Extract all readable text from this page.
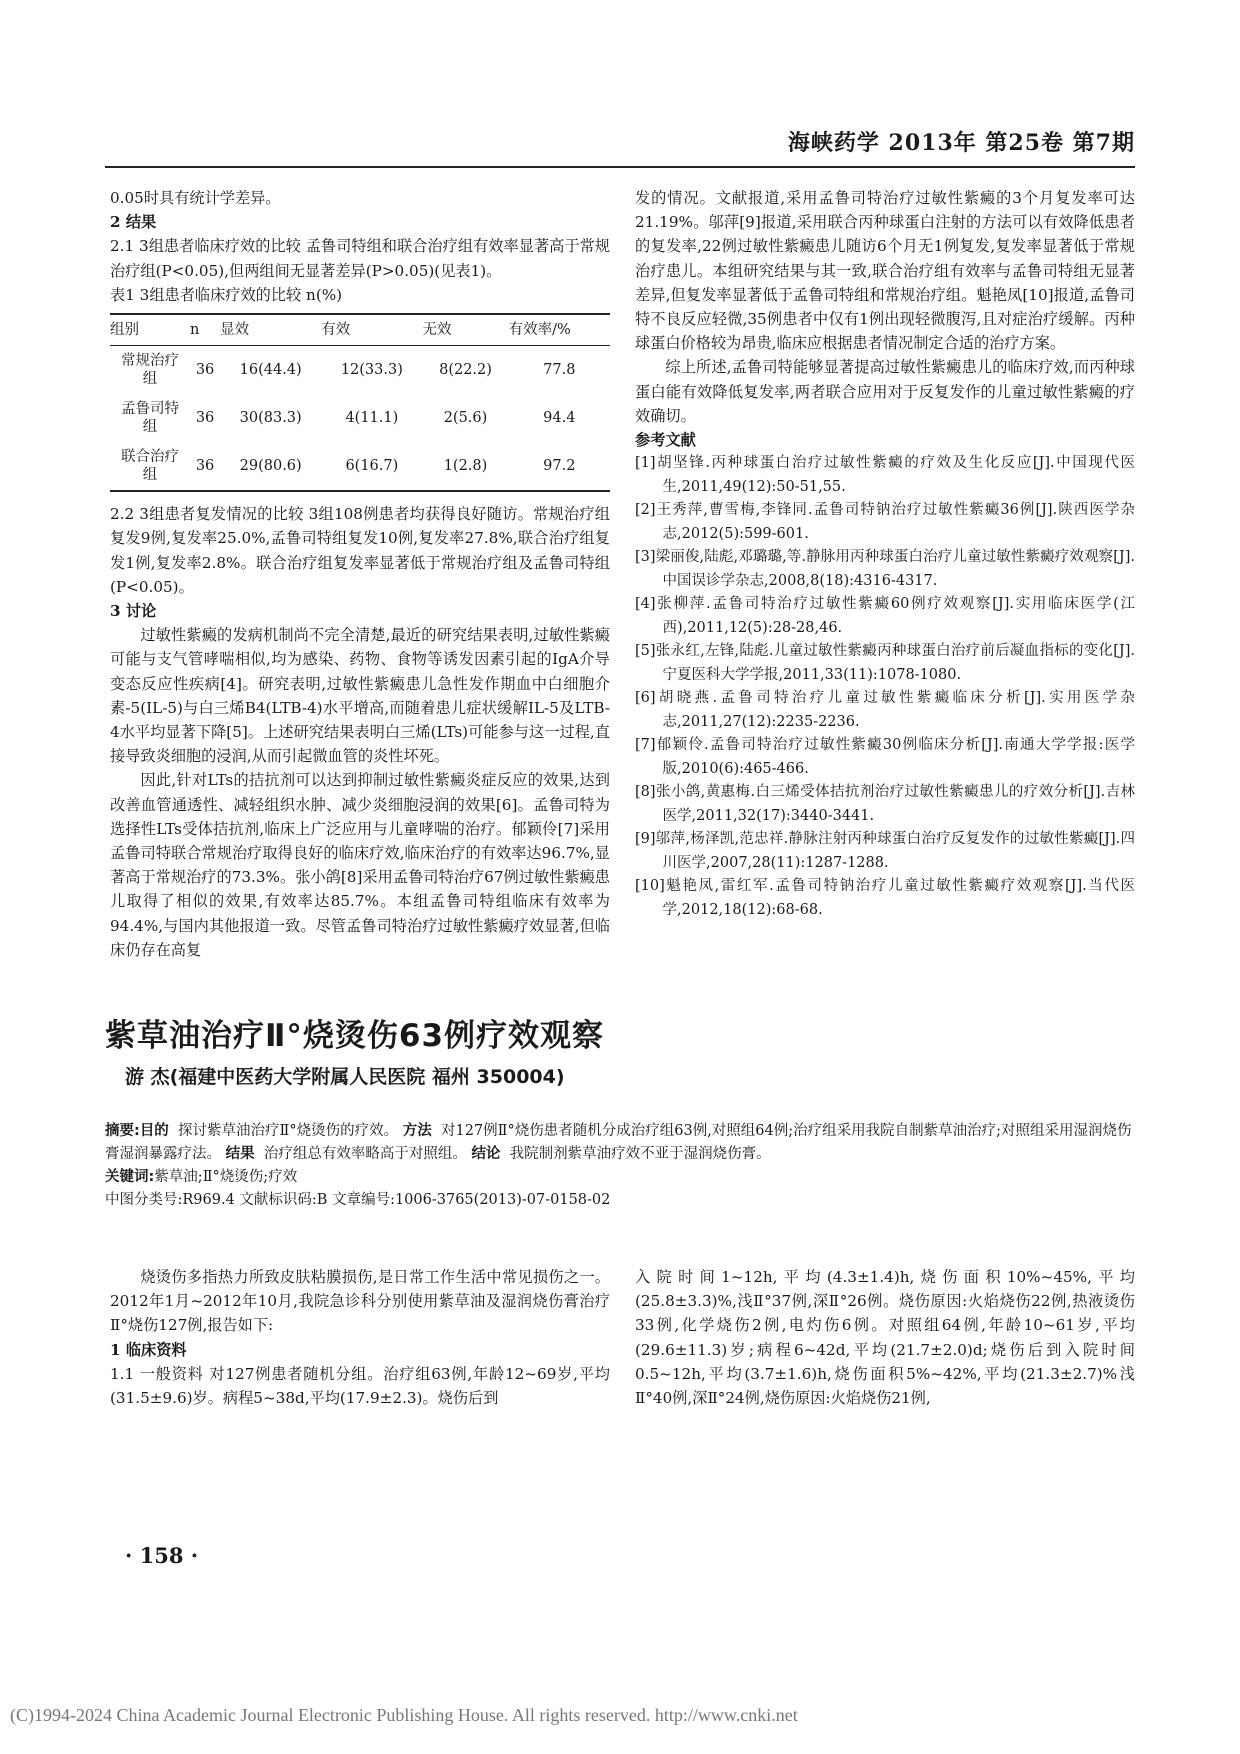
海峡药学 2013年 第25卷 第7期

0.05时具有统计学差异。

2 结果

2.1 3组患者临床疗效的比较 孟鲁司特组和联合治疗组有效率显著高于常规治疗组(P<0.05),但两组间无显著差异(P>0.05)(见表1)。

表1 3组患者临床疗效的比较 n(%)

组别	n	显效	有效	无效	有效率/%
常规治疗组	36	16(44.4)	12(33.3)	8(22.2)	77.8
孟鲁司特组	36	30(83.3)	4(11.1)	2(5.6)	94.4
联合治疗组	36	29(80.6)	6(16.7)	1(2.8)	97.2

2.2 3组患者复发情况的比较 3组108例患者均获得良好随访。常规治疗组复发9例,复发率25.0%,孟鲁司特组复发10例,复发率27.8%,联合治疗组复发1例,复发率2.8%。联合治疗组复发率显著低于常规治疗组及孟鲁司特组(P<0.05)。

3 讨论

过敏性紫癜的发病机制尚不完全清楚,最近的研究结果表明,过敏性紫癜可能与支气管哮喘相似,均为感染、药物、食物等诱发因素引起的IgA介导变态反应性疾病[4]。研究表明,过敏性紫癜患儿急性发作期血中白细胞介素-5(IL-5)与白三烯B4(LTB-4)水平增高,而随着患儿症状缓解IL-5及LTB-4水平均显著下降[5]。上述研究结果表明白三烯(LTs)可能参与这一过程,直接导致炎细胞的浸润,从而引起微血管的炎性坏死。

因此,针对LTs的拮抗剂可以达到抑制过敏性紫癜炎症反应的效果,达到改善血管通透性、减轻组织水肿、减少炎细胞浸润的效果[6]。孟鲁司特为选择性LTs受体拮抗剂,临床上广泛应用与儿童哮喘的治疗。郁颖伶[7]采用孟鲁司特联合常规治疗取得良好的临床疗效,临床治疗的有效率达96.7%,显著高于常规治疗的73.3%。张小鸽[8]采用孟鲁司特治疗67例过敏性紫癜患儿取得了相似的效果,有效率达85.7%。本组孟鲁司特组临床有效率为94.4%,与国内其他报道一致。尽管孟鲁司特治疗过敏性紫癜疗效显著,但临床仍存在高复

发的情况。文献报道,采用孟鲁司特治疗过敏性紫癜的3个月复发率可达21.19%。邬萍[9]报道,采用联合丙种球蛋白注射的方法可以有效降低患者的复发率,22例过敏性紫癜患儿随访6个月无1例复发,复发率显著低于常规治疗患儿。本组研究结果与其一致,联合治疗组有效率与孟鲁司特组无显著差异,但复发率显著低于孟鲁司特组和常规治疗组。魁艳凤[10]报道,孟鲁司特不良反应轻微,35例患者中仅有1例出现轻微腹泻,且对症治疗缓解。丙种球蛋白价格较为昂贵,临床应根据患者情况制定合适的治疗方案。

综上所述,孟鲁司特能够显著提高过敏性紫癜患儿的临床疗效,而丙种球蛋白能有效降低复发率,两者联合应用对于反复发作的儿童过敏性紫癜的疗效确切。

参考文献

[1]胡坚锋.丙种球蛋白治疗过敏性紫癜的疗效及生化反应[J].中国现代医生,2011,49(12):50-51,55.

[2]王秀萍,曹雪梅,李锋同.孟鲁司特钠治疗过敏性紫癜36例[J].陕西医学杂志,2012(5):599-601.

[3]梁丽俊,陆彪,邓璐璐,等.静脉用丙种球蛋白治疗儿童过敏性紫癜疗效观察[J].中国误诊学杂志,2008,8(18):4316-4317.

[4]张柳萍.孟鲁司特治疗过敏性紫癜60例疗效观察[J].实用临床医学(江西),2011,12(5):28-28,46.

[5]张永红,左锋,陆彪.儿童过敏性紫癜丙种球蛋白治疗前后凝血指标的变化[J].宁夏医科大学学报,2011,33(11):1078-1080.

[6]胡晓燕.孟鲁司特治疗儿童过敏性紫癜临床分析[J].实用医学杂志,2011,27(12):2235-2236.

[7]郁颖伶.孟鲁司特治疗过敏性紫癜30例临床分析[J].南通大学学报:医学版,2010(6):465-466.

[8]张小鸽,黄惠梅.白三烯受体拮抗剂治疗过敏性紫癜患儿的疗效分析[J].吉林医学,2011,32(17):3440-3441.

[9]邬萍,杨泽凯,范忠祥.静脉注射丙种球蛋白治疗反复发作的过敏性紫癜[J].四川医学,2007,28(11):1287-1288.

[10]魁艳凤,雷红军.孟鲁司特钠治疗儿童过敏性紫癜疗效观察[J].当代医学,2012,18(12):68-68.

紫草油治疗Ⅱ°烧烫伤63例疗效观察
游 杰(福建中医药大学附属人民医院 福州 350004)

摘要:目的 探讨紫草油治疗Ⅱ°烧烫伤的疗效。 方法 对127例Ⅱ°烧伤患者随机分成治疗组63例,对照组64例;治疗组采用我院自制紫草油治疗;对照组采用湿润烧伤膏湿润暴露疗法。 结果 治疗组总有效率略高于对照组。 结论 我院制剂紫草油疗效不亚于湿润烧伤膏。

关键词:紫草油;Ⅱ°烧烫伤;疗效

中图分类号:R969.4 文献标识码:B 文章编号:1006-3765(2013)-07-0158-02

烧烫伤多指热力所致皮肤粘膜损伤,是日常工作生活中常见损伤之一。2012年1月~2012年10月,我院急诊科分别使用紫草油及湿润烧伤膏治疗Ⅱ°烧伤127例,报告如下:

1 临床资料

1.1 一般资料 对127例患者随机分组。治疗组63例,年龄12~69岁,平均(31.5±9.6)岁。病程5~38d,平均(17.9±2.3)。烧伤后到

入院时间1~12h,平均(4.3±1.4)h,烧伤面积10%~45%,平均(25.8±3.3)%,浅Ⅱ°37例,深Ⅱ°26例。烧伤原因:火焰烧伤22例,热液烫伤33例,化学烧伤2例,电灼伤6例。对照组64例,年龄10~61岁,平均(29.6±11.3)岁;病程6~42d,平均(21.7±2.0)d;烧伤后到入院时间0.5~12h,平均(3.7±1.6)h,烧伤面积5%~42%,平均(21.3±2.7)%浅Ⅱ°40例,深Ⅱ°24例,烧伤原因:火焰烧伤21例,

· 158 ·
(C)1994-2024 China Academic Journal Electronic Publishing House. All rights reserved. http://www.cnki.net
